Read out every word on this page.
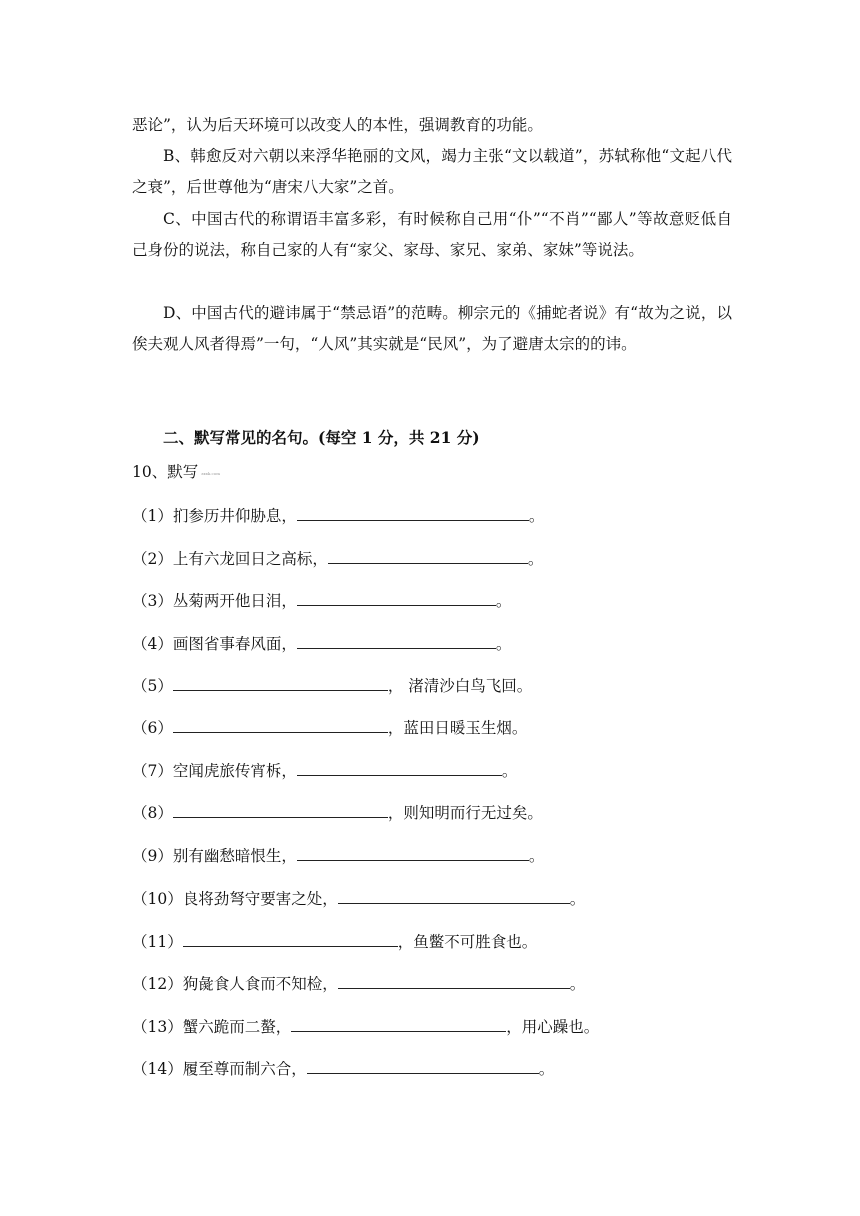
恶论”，认为后天环境可以改变人的本性，强调教育的功能。

B、韩愈反对六朝以来浮华艳丽的文风，竭力主张“文以载道”，苏轼称他“文起八代之衰”，后世尊他为“唐宋八大家”之首。

C、中国古代的称谓语丰富多彩，有时候称自己用“仆”“不肖”“鄙人”等故意贬低自己身份的说法，称自己家的人有“家父、家母、家兄、家弟、家妹”等说法。

D、中国古代的避讳属于“禁忌语”的范畴。柳宗元的《捕蛇者说》有“故为之说，以俟夫观人风者得焉”一句，“人风”其实就是“民风”，为了避唐太宗的的讳。

二、默写常见的名句。(每空 1 分，共 21 分)

10、默写 zxxk.com

（1）扪参历井仰胁息，	。
（2）上有六龙回日之高标，	。
（3）丛菊两开他日泪，	。
（4）画图省事春风面，	。
（5）	， 渚清沙白鸟飞回。
（6）	，蓝田日暖玉生烟。
（7）空闻虎旅传宵柝，	。
（8）	，则知明而行无过矣。
（9）别有幽愁暗恨生，	。
（10）良将劲弩守要害之处，	。
（11）	，鱼鳖不可胜食也。
（12）狗彘食人食而不知检，	。
（13）蟹六跪而二螯，	，用心躁也。
（14）履至尊而制六合，	。
